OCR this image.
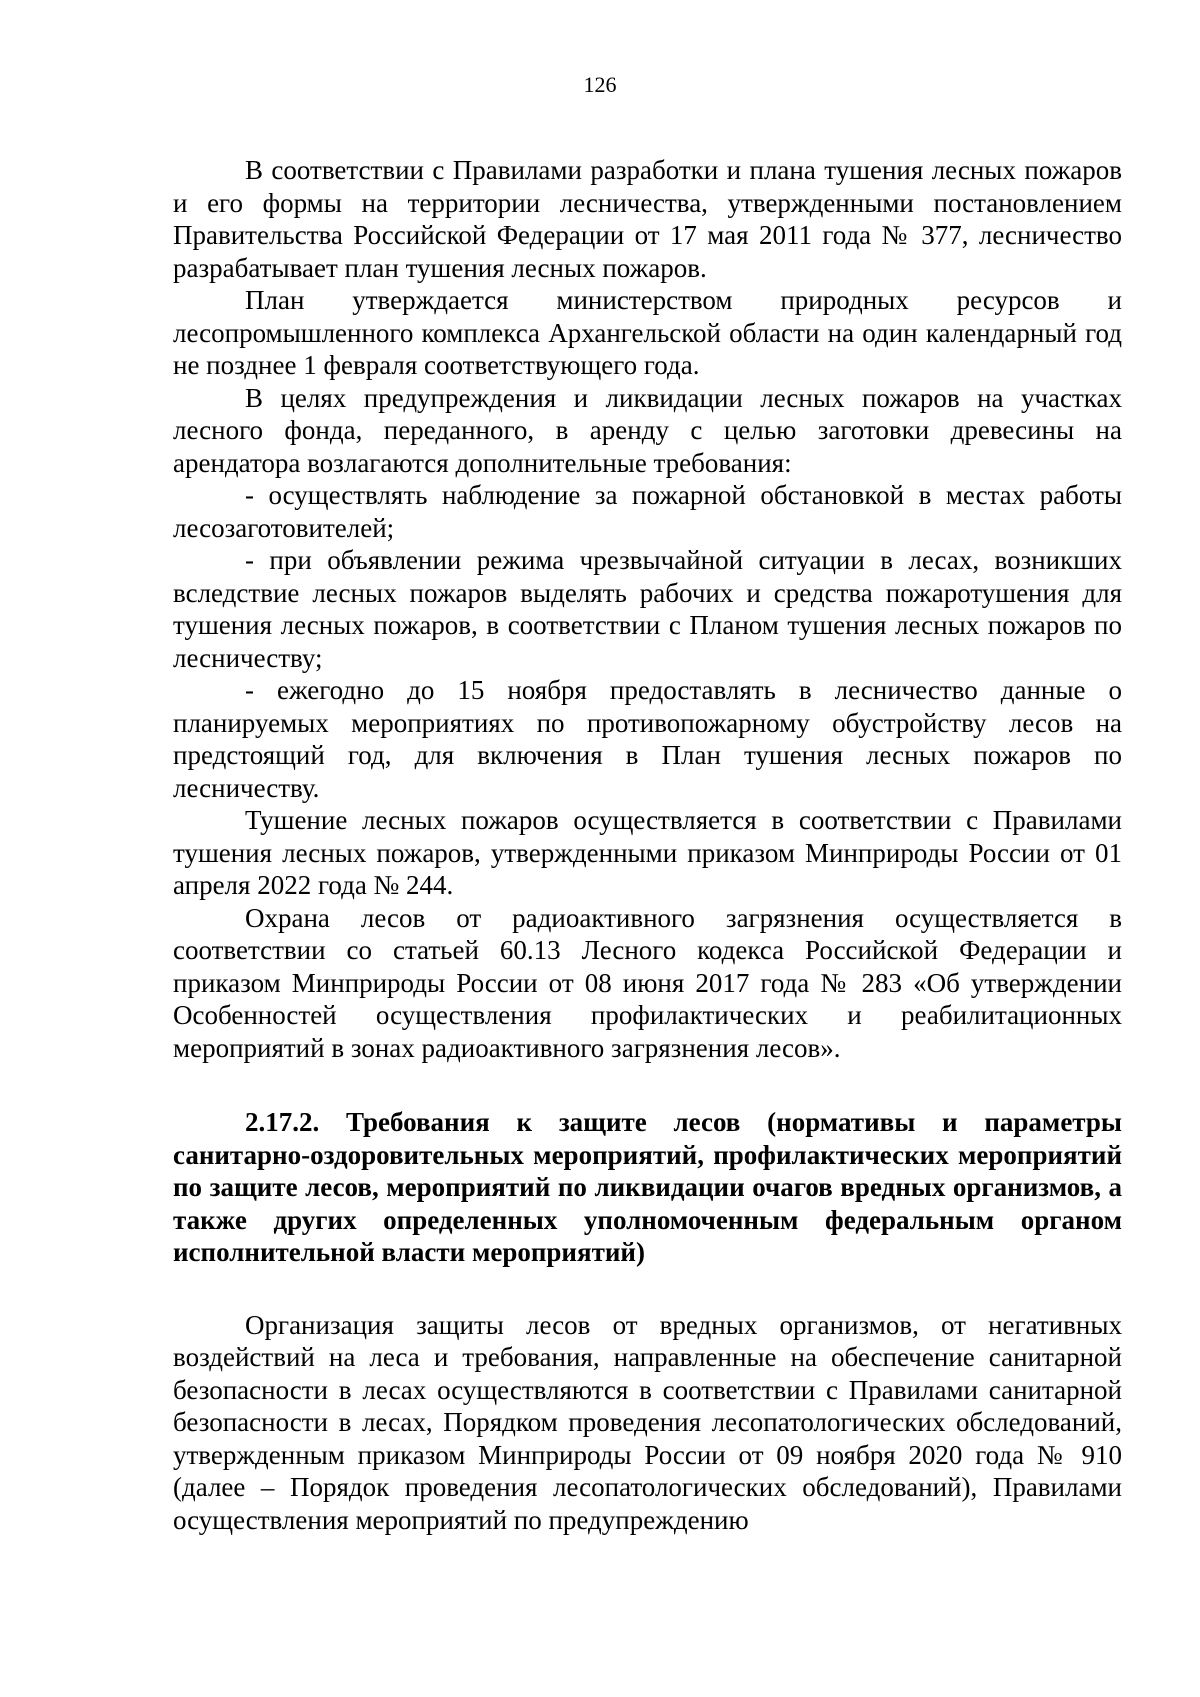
126

В соответствии с Правилами разработки и плана тушения лесных пожаров и его формы на территории лесничества, утвержденными постановлением Правительства Российской Федерации от 17 мая 2011 года № 377, лесничество разрабатывает план тушения лесных пожаров.

План утверждается министерством природных ресурсов и лесопромышленного комплекса Архангельской области на один календарный год не позднее 1 февраля соответствующего года.

В целях предупреждения и ликвидации лесных пожаров на участках лесного фонда, переданного, в аренду с целью заготовки древесины на арендатора возлагаются дополнительные требования:

- осуществлять наблюдение за пожарной обстановкой в местах работы лесозаготовителей;

- при объявлении режима чрезвычайной ситуации в лесах, возникших вследствие лесных пожаров выделять рабочих и средства пожаротушения для тушения лесных пожаров, в соответствии с Планом тушения лесных пожаров по лесничеству;

- ежегодно до 15 ноября предоставлять в лесничество данные о планируемых мероприятиях по противопожарному обустройству лесов на предстоящий год, для включения в План тушения лесных пожаров по лесничеству.

Тушение лесных пожаров осуществляется в соответствии с Правилами тушения лесных пожаров, утвержденными приказом Минприроды России от 01 апреля 2022 года № 244.

Охрана лесов от радиоактивного загрязнения осуществляется в соответствии со статьей 60.13 Лесного кодекса Российской Федерации и приказом Минприроды России от 08 июня 2017 года № 283 «Об утверждении Особенностей осуществления профилактических и реабилитационных мероприятий в зонах радиоактивного загрязнения лесов».

2.17.2. Требования к защите лесов (нормативы и параметры санитарно-оздоровительных мероприятий, профилактических мероприятий по защите лесов, мероприятий по ликвидации очагов вредных организмов, а также других определенных уполномоченным федеральным органом исполнительной власти мероприятий)

Организация защиты лесов от вредных организмов, от негативных воздействий на леса и требования, направленные на обеспечение санитарной безопасности в лесах осуществляются в соответствии с Правилами санитарной безопасности в лесах, Порядком проведения лесопатологических обследований, утвержденным приказом Минприроды России от 09 ноября 2020 года № 910 (далее – Порядок проведения лесопатологических обследований), Правилами осуществления мероприятий по предупреждению
